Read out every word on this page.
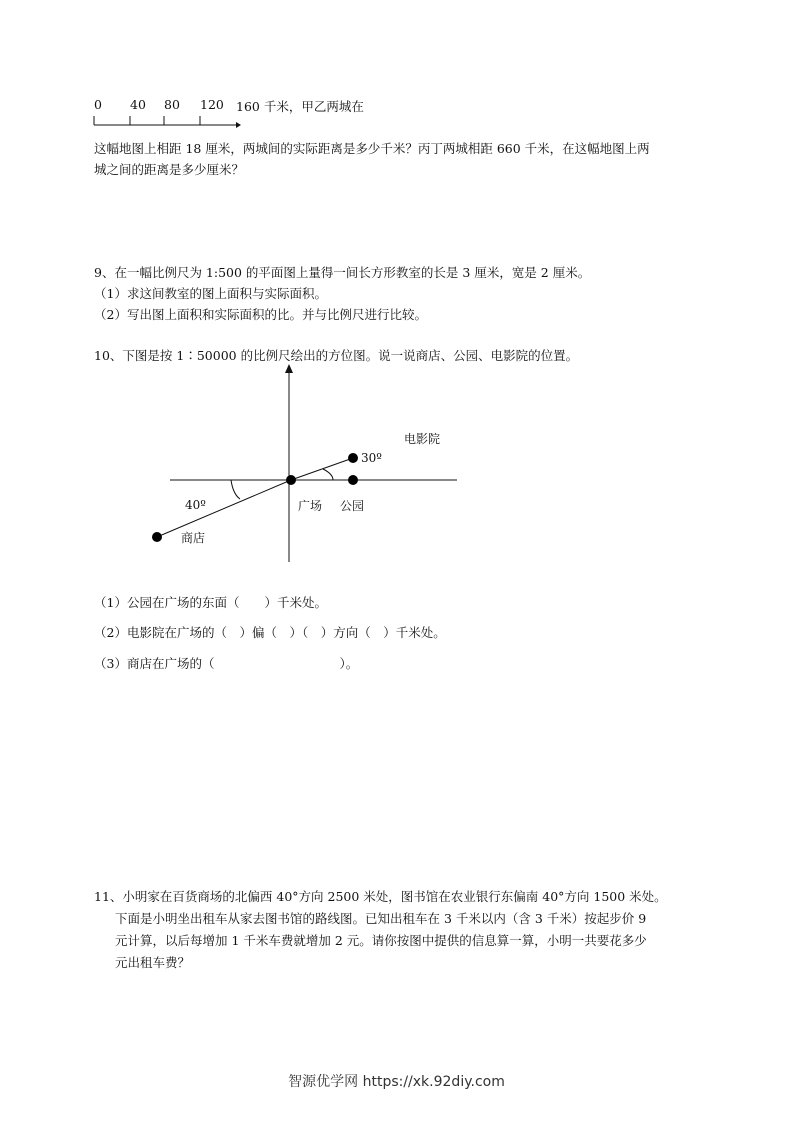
0 40 80 120 160 千米，甲乙两城在
这幅地图上相距 18 厘米，两城间的实际距离是多少千米？丙丁两城相距 660 千米，在这幅地图上两
城之间的距离是多少厘米？
9、在一幅比例尺为 1:500 的平面图上量得一间长方形教室的长是 3 厘米，宽是 2 厘米。
（1）求这间教室的图上面积与实际面积。
（2）写出图上面积和实际面积的比。并与比例尺进行比较。
10、下图是按 1∶50000 的比例尺绘出的方位图。说一说商店、公园、电影院的位置。
电影院
30º
40º	广场 公园
商店
（1）公园在广场的东面（　　）千米处。
（2）电影院在广场的（　）偏（　）（　）方向（　）千米处。
（3）商店在广场的（　　　　　　　　　　）。
11、小明家在百货商场的北偏西 40°方向 2500 米处，图书馆在农业银行东偏南 40°方向 1500 米处。
下面是小明坐出租车从家去图书馆的路线图。已知出租车在 3 千米以内（含 3 千米）按起步价 9
元计算，以后每增加 1 千米车费就增加 2 元。请你按图中提供的信息算一算，小明一共要花多少
元出租车费？
智源优学网 https://xk.92diy.com
